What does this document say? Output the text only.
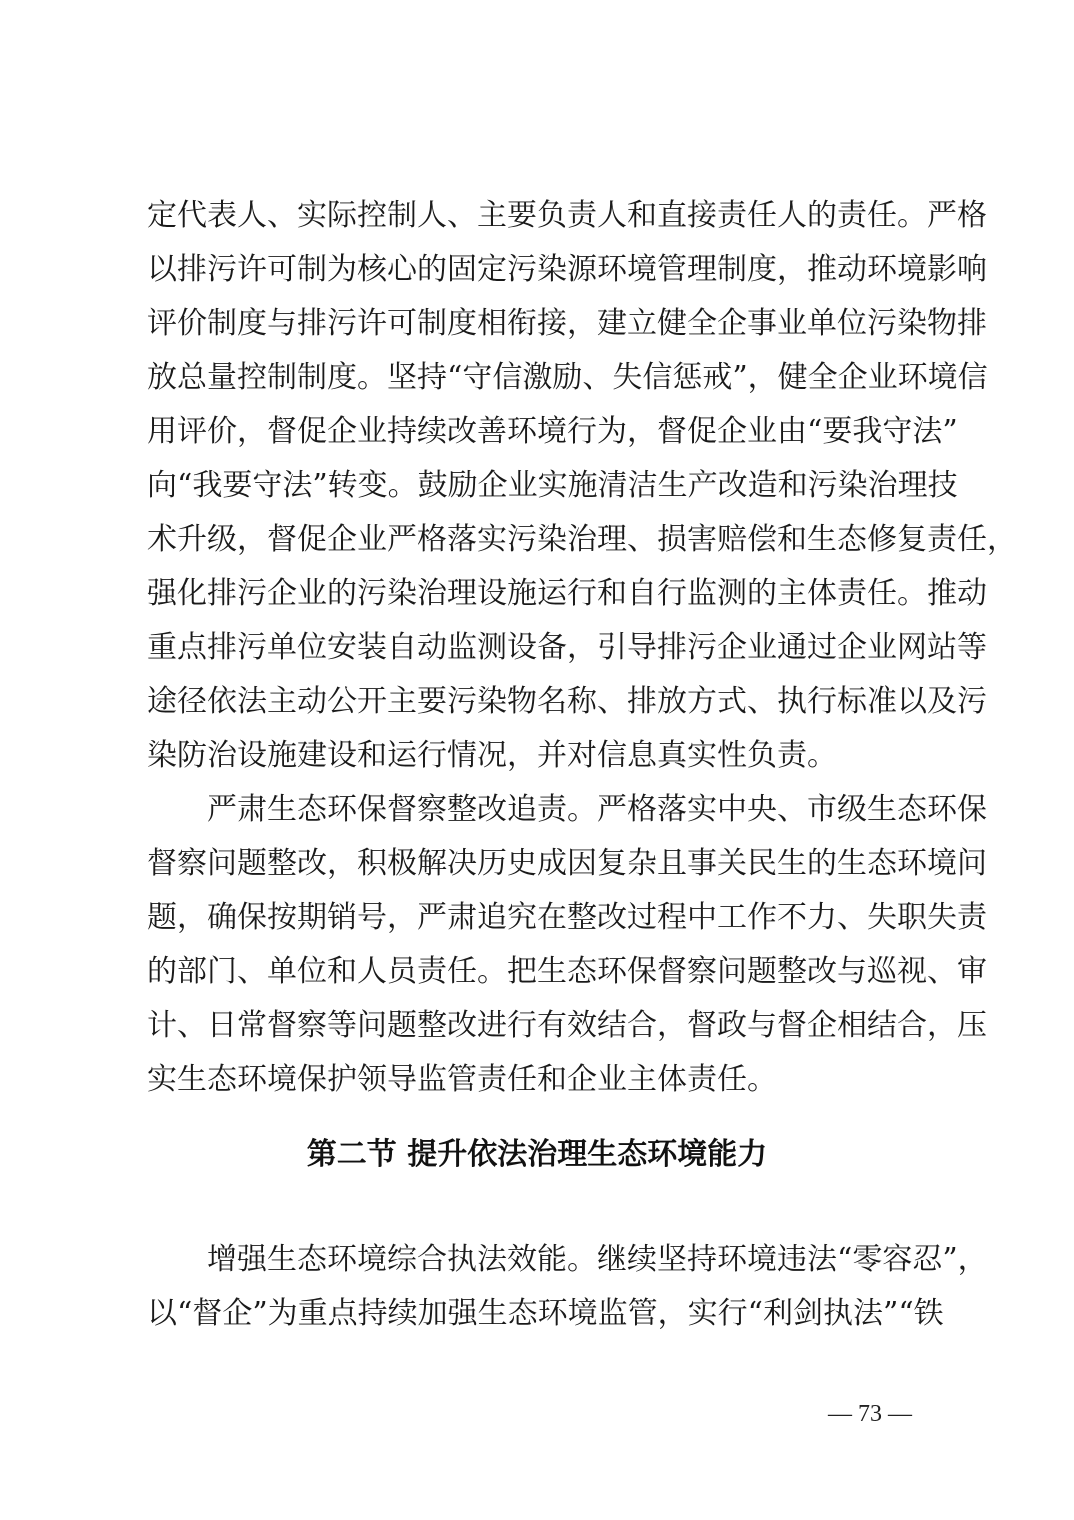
定代表人、实际控制人、主要负责人和直接责任人的责任。严格
以排污许可制为核心的固定污染源环境管理制度，推动环境影响
评价制度与排污许可制度相衔接，建立健全企事业单位污染物排
放总量控制制度。坚持“守信激励、失信惩戒”，健全企业环境信
用评价，督促企业持续改善环境行为，督促企业由“要我守法”
向“我要守法”转变。鼓励企业实施清洁生产改造和污染治理技
术升级，督促企业严格落实污染治理、损害赔偿和生态修复责任，
强化排污企业的污染治理设施运行和自行监测的主体责任。推动
重点排污单位安装自动监测设备，引导排污企业通过企业网站等
途径依法主动公开主要污染物名称、排放方式、执行标准以及污
染防治设施建设和运行情况，并对信息真实性负责。
严肃生态环保督察整改追责。严格落实中央、市级生态环保
督察问题整改，积极解决历史成因复杂且事关民生的生态环境问
题，确保按期销号，严肃追究在整改过程中工作不力、失职失责
的部门、单位和人员责任。把生态环保督察问题整改与巡视、审
计、日常督察等问题整改进行有效结合，督政与督企相结合，压
实生态环境保护领导监管责任和企业主体责任。
第二节 提升依法治理生态环境能力
增强生态环境综合执法效能。继续坚持环境违法“零容忍”，
以“督企”为重点持续加强生态环境监管，实行“利剑执法”“铁
— 73 —
